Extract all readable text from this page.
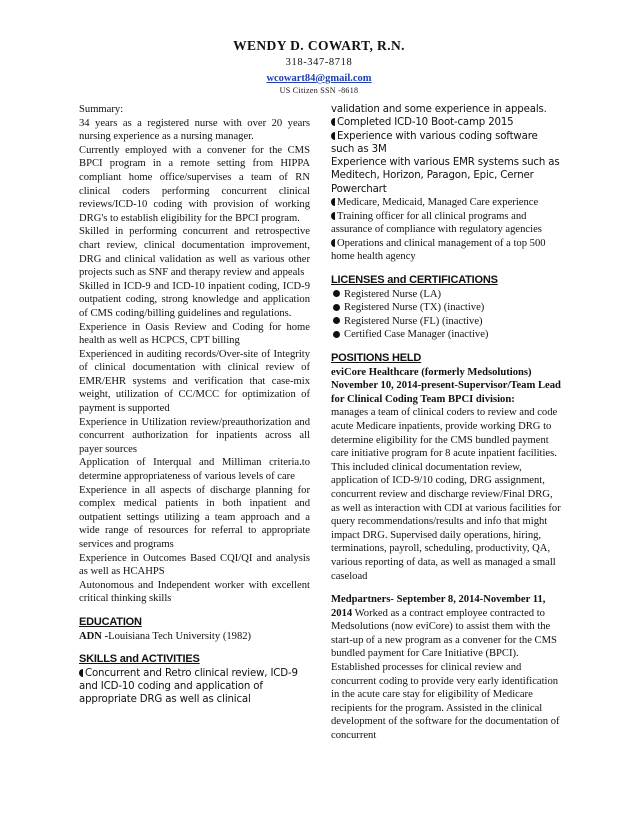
WENDY D. COWART, R.N.
318-347-8718
wcowart84@gmail.com
US Citizen SSN -8618

Summary:

34 years as a registered nurse with over 20 years nursing experience as a nursing manager.

Currently employed with a convener for the CMS BPCI program in a remote setting from HIPPA compliant home office/supervises a team of RN clinical coders performing concurrent clinical reviews/ICD-10 coding with provision of working DRG's to establish eligibility for the BPCI program.

Skilled in performing concurrent and retrospective chart review, clinical documentation improvement, DRG and clinical validation as well as various other projects such as SNF and therapy review and appeals

Skilled in ICD-9 and ICD-10 inpatient coding, ICD-9 outpatient coding, strong knowledge and application of CMS coding/billing guidelines and regulations.

Experience in Oasis Review and Coding for home health as well as HCPCS, CPT billing

Experienced in auditing records/Over-site of Integrity of clinical documentation with clinical review of EMR/EHR systems and verification that case-mix weight, utilization of CC/MCC for optimization of payment is supported

Experience in Utilization review/preauthorization and concurrent authorization for inpatients across all payer sources

Application of Interqual and Milliman criteria.to determine appropriateness of various levels of care

Experience in all aspects of discharge planning for complex medical patients in both inpatient and outpatient settings utilizing a team approach and a wide range of resources for referral to appropriate services and programs

Experience in Outcomes Based CQI/QI and analysis as well as HCAHPS

Autonomous and Independent worker with excellent critical thinking skills

EDUCATION

ADN -Louisiana Tech University (1982)

SKILLS and ACTIVITIES

Concurrent and Retro clinical review, ICD-9 and ICD-10 coding and application of appropriate DRG as well as clinical

validation and some experience in appeals.

Completed ICD-10 Boot-camp 2015

Experience with various coding software such as 3M

Experience with various EMR systems such as Meditech, Horizon, Paragon, Epic, Cerner Powerchart

Medicare, Medicaid, Managed Care experience

Training officer for all clinical programs and assurance of compliance with regulatory agencies

Operations and clinical management of a top 500 home health agency

LICENSES and CERTIFICATIONS

Registered Nurse (LA)

Registered Nurse (TX) (inactive)

Registered Nurse (FL) (inactive)

Certified Case Manager (inactive)

POSITIONS HELD

eviCore Healthcare (formerly Medsolutions) November 10, 2014-present-Supervisor/Team Lead for Clinical Coding Team BPCI division:

manages a team of clinical coders to review and code acute Medicare inpatients, provide working DRG to determine eligibility for the CMS bundled payment care initiative program for 8 acute inpatient facilities. This included clinical documentation review, application of ICD-9/10 coding, DRG assignment, concurrent review and discharge review/Final DRG, as well as interaction with CDI at various facilities for query recommendations/results and info that might impact DRG. Supervised daily operations, hiring, terminations, payroll, scheduling, productivity, QA, various reporting of data, as well as managed a small caseload

Medpartners- September 8, 2014-November 11, 2014 Worked as a contract employee contracted to Medsolutions (now eviCore) to assist them with the start-up of a new program as a convener for the CMS bundled payment for Care Initiative (BPCI). Established processes for clinical review and concurrent coding to provide very early identification in the acute care stay for eligibility of Medicare recipients for the program. Assisted in the clinical development of the software for the documentation of concurrent
